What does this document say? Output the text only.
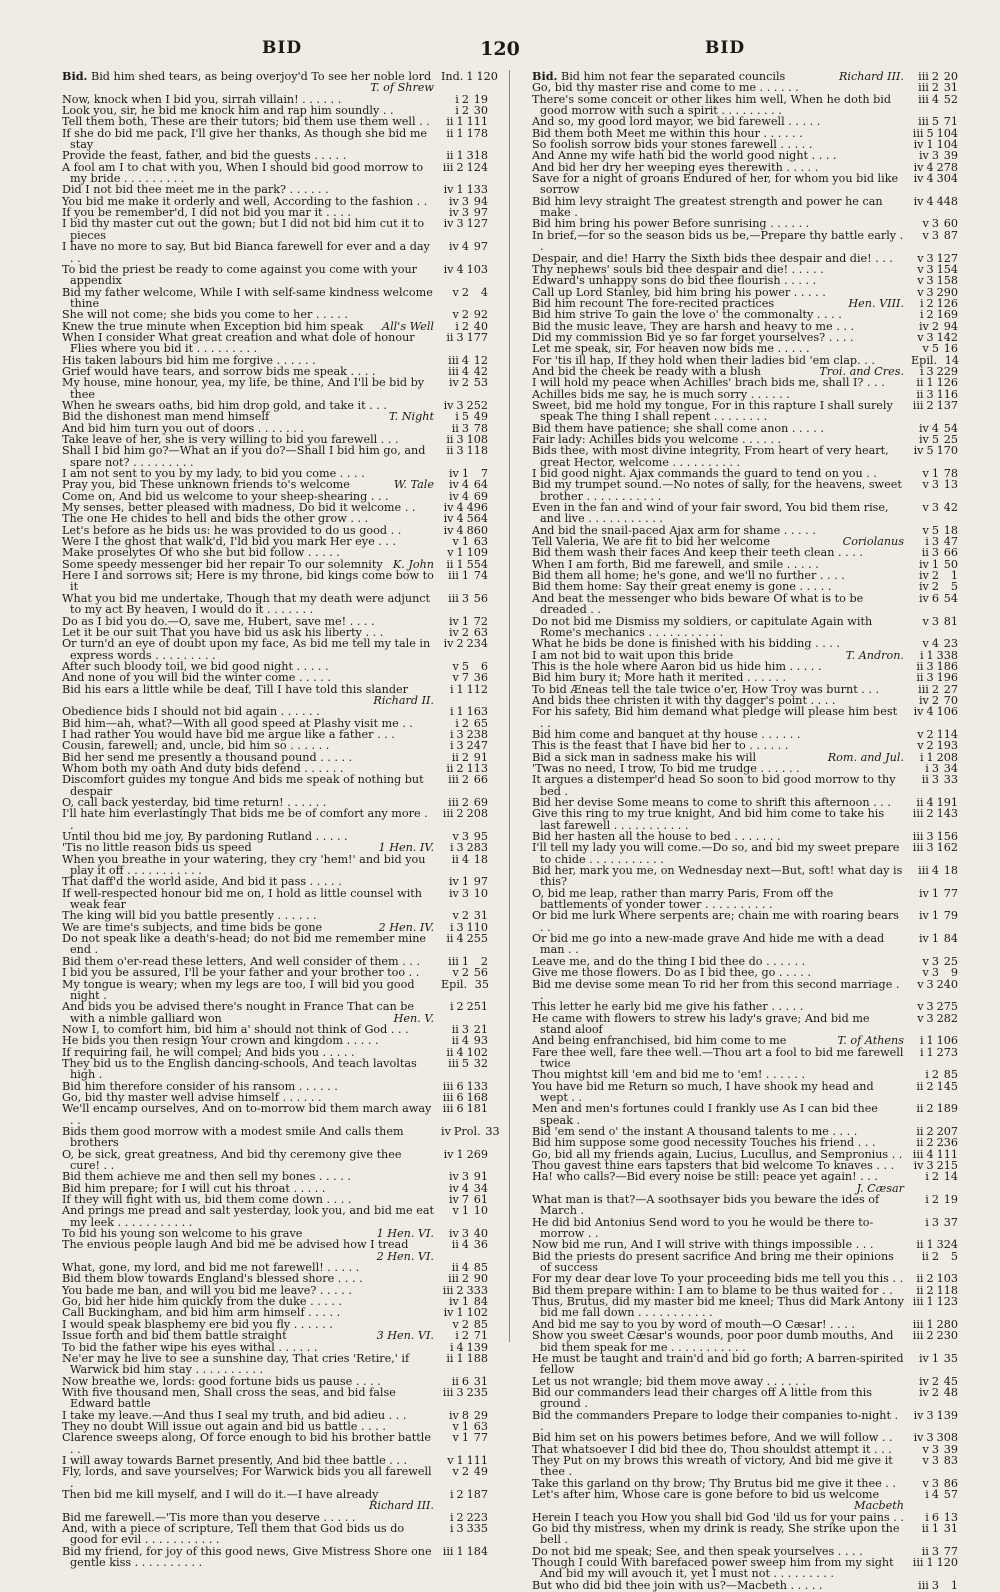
BID	120	BID
Bid. Bid him shed tears, as being overjoy'd To see her noble lord
T. of Shrew
Ind. 1 120
Now, knock when I bid you, sirrah villain! . . . . . .	i 2 19
Look you, sir, he bid me knock him and rap him soundly . .	i 2 30
Tell them both, These are their tutors; bid them use them well . .	ii 1 111
If she do bid me pack, I'll give her thanks, As though she bid me stay
ii 1 178
Provide the feast, father, and bid the guests . . . . .	ii 1 318
A fool am I to chat with you, When I should bid good morrow to my bride . . . . . . . . .
iii 2 124
Did I not bid thee meet me in the park? . . . . . .	iv 1 133
You bid me make it orderly and well, According to the fashion . .	iv 3 94
If you be remember'd, I did not bid you mar it . . . .	iv 3 97
I bid thy master cut out the gown; but I did not bid him cut it to pieces
iv 3 127
I have no more to say, But bid Bianca farewell for ever and a day . .
iv 4 97
To bid the priest be ready to come against you come with your appendix
iv 4 103
Bid my father welcome, While I with self-same kindness welcome thine
v 2 4
She will not come; she bids you come to her . . . . .	v 2 92
Knew the true minute when Exception bid him speak All's Well	i 2 40
When I consider What great creation and what dole of honour Flies where you bid it . . . . . . . . .
ii 3 177
His taken labours bid him me forgive . . . . . .	iii 4 12
Grief would have tears, and sorrow bids me speak . . . .	iii 4 42
My house, mine honour, yea, my life, be thine, And I'll be bid by thee
iv 2 53
When he swears oaths, bid him drop gold, and take it . . .	iv 3 252
Bid the dishonest man mend himself	T. Night	i 5 49
And bid him turn you out of doors . . . . . . .	ii 3 78
Take leave of her, she is very willing to bid you farewell . . .	ii 3 108
Shall I bid him go?—What an if you do?—Shall I bid him go, and spare not? . . . . . . . . .
ii 3 118
I am not sent to you by my lady, to bid you come . . . .	iv 1 7
Pray you, bid These unknown friends to's welcome	W. Tale	iv 4 64
Come on, And bid us welcome to your sheep-shearing . . .	iv 4 69
My senses, better pleased with madness, Do bid it welcome . .	iv 4 496
The one He chides to hell and bids the other grow . . .	iv 4 564
Let's before as he bids us: he was provided to do us good . .	iv 4 860
Were I the ghost that walk'd, I'ld bid you mark Her eye . . .	v 1 63
Make proselytes Of who she but bid follow . . . . .	v 1 109
Some speedy messenger bid her repair To our solemnity K. John	ii 1 554
Here I and sorrows sit; Here is my throne, bid kings come bow to it
iii 1 74
What you bid me undertake, Though that my death were adjunct to my act By heaven, I would do it . . . . . . .
iii 3 56
Do as I bid you do.—O, save me, Hubert, save me! . . . .	iv 1 72
Let it be our suit That you have bid us ask his liberty . . .	iv 2 63
Or turn'd an eye of doubt upon my face, As bid me tell my tale in express words . . . . . . . . .
iv 2 234
After such bloody toil, we bid good night . . . . .	v 5 6
And none of you will bid the winter come . . . . .	v 7 36
Bid his ears a little while be deaf, Till I have told this slander
Richard II.
i 1 112
Obedience bids I should not bid again . . . . . .	i 1 163
Bid him—ah, what?—With all good speed at Plashy visit me . .	i 2 65
I had rather You would have bid me argue like a father . . .	i 3 238
Cousin, farewell; and, uncle, bid him so . . . . . .	i 3 247
Bid her send me presently a thousand pound . . . . .	ii 2 91
Whom both my oath And duty bids defend . . . . . .	ii 2 113
Discomfort guides my tongue And bids me speak of nothing but despair
iii 2 66
O, call back yesterday, bid time return! . . . . . .	iii 2 69
I'll hate him everlastingly That bids me be of comfort any more . .
iii 2 208
Until thou bid me joy, By pardoning Rutland . . . . .	v 3 95
'Tis no little reason bids us speed	1 Hen. IV.	i 3 283
When you breathe in your watering, they cry 'hem!' and bid you play it off . . . . . . . . . . .
ii 4 18
That daff'd the world aside, And bid it pass . . . . .	iv 1 97
If well-respected honour bid me on, I hold as little counsel with weak fear
iv 3 10
The king will bid you battle presently . . . . . .	v 2 31
We are time's subjects, and time bids be gone	2 Hen. IV.	i 3 110
Do not speak like a death's-head; do not bid me remember mine end .
ii 4 255
Bid them o'er-read these letters, And well consider of them . . .	iii 1 2
I bid you be assured, I'll be your father and your brother too . .	v 2 56
My tongue is weary; when my legs are too, I will bid you good night .
Epil. 35
And bids you be advised there's nought in France That can be with a nimble galliard won	Hen. V.
i 2 251
Now I, to comfort him, bid him a' should not think of God . . .	ii 3 21
He bids you then resign Your crown and kingdom . . . . .	ii 4 93
If requiring fail, he will compel; And bids you . . . . .	ii 4 102
They bid us to the English dancing-schools, And teach lavoltas high .
iii 5 32
Bid him therefore consider of his ransom . . . . . .	iii 6 133
Go, bid thy master well advise himself . . . . . .	iii 6 168
We'll encamp ourselves, And on to-morrow bid them march away . .
iii 6 181
Bids them good morrow with a modest smile And calls them brothers
iv Prol. 33
O, be sick, great greatness, And bid thy ceremony give thee cure! . .
iv 1 269
Bid them achieve me and then sell my bones . . . . .	iv 3 91
Bid him prepare; for I will cut his throat . . . . .	iv 4 34
If they will fight with us, bid them come down . . . .	iv 7 61
And prings me pread and salt yesterday, look you, and bid me eat my leek . . . . . . . . . . .
v 1 10
To bid his young son welcome to his grave	1 Hen. VI.	iv 3 40
The envious people laugh And bid me be advised how I tread
2 Hen. VI.
ii 4 36
What, gone, my lord, and bid me not farewell! . . . . .	ii 4 85
Bid them blow towards England's blessed shore . . . .	iii 2 90
You bade me ban, and will you bid me leave? . . . . .	iii 2 333
Go, bid her hide him quickly from the duke . . . . .	iv 1 84
Call Buckingham, and bid him arm himself . . . . .	iv 1 102
I would speak blasphemy ere bid you fly . . . . . .	v 2 85
Issue forth and bid them battle straight	3 Hen. VI.	i 2 71
To bid the father wipe his eyes withal . . . . . .	i 4 139
Ne'er may he live to see a sunshine day, That cries 'Retire,' if Warwick bid him stay . . . . . . . . . .
ii 1 188
Now breathe we, lords: good fortune bids us pause . . . .	ii 6 31
With five thousand men, Shall cross the seas, and bid false Edward battle
iii 3 235
I take my leave.—And thus I seal my truth, and bid adieu . . .	iv 8 29
They no doubt Will issue out again and bid us battle . . . .	v 1 63
Clarence sweeps along, Of force enough to bid his brother battle . .
v 1 77
I will away towards Barnet presently, And bid thee battle . . .	v 1 111
Fly, lords, and save yourselves; For Warwick bids you all farewell .
v 2 49
Then bid me kill myself, and I will do it.—I have already
Richard III.
i 2 187
Bid me farewell.—'Tis more than you deserve . . . . .	i 2 223
And, with a piece of scripture, Tell them that God bids us do good for evil . . . . . . . . . . .
i 3 335
Bid my friend, for joy of this good news, Give Mistress Shore one gentle kiss . . . . . . . . . .
iii 1 184
Bid. Bid him not fear the separated councils	Richard III.	iii 2 20
Go, bid thy master rise and come to me . . . . . .	iii 2 31
There's some conceit or other likes him well, When he doth bid good morrow with such a spirit . . . . . . . . .
iii 4 52
And so, my good lord mayor, we bid farewell . . . . .	iii 5 71
Bid them both Meet me within this hour . . . . . .	iii 5 104
So foolish sorrow bids your stones farewell . . . . .	iv 1 104
And Anne my wife hath bid the world good night . . . .	iv 3 39
And bid her dry her weeping eyes therewith . . . . .	iv 4 278
Save for a night of groans Endured of her, for whom you bid like sorrow
iv 4 304
Bid him levy straight The greatest strength and power he can make .
iv 4 448
Bid him bring his power Before sunrising . . . . . .	v 3 60
In brief,—for so the season bids us be,—Prepare thy battle early . .
v 3 87
Despair, and die! Harry the Sixth bids thee despair and die! . . .	v 3 127
Thy nephews' souls bid thee despair and die! . . . . .	v 3 154
Edward's unhappy sons do bid thee flourish . . . . .	v 3 158
Call up Lord Stanley, bid him bring his power . . . . .	v 3 290
Bid him recount The fore-recited practices	Hen. VIII.	i 2 126
Bid him strive To gain the love o' the commonalty . . . .	i 2 169
Bid the music leave, They are harsh and heavy to me . . .	iv 2 94
Did my commission Bid ye so far forget yourselves? . . . .	v 3 142
Let me speak, sir, For heaven now bids me . . . . .	v 5 16
For 'tis ill hap, If they hold when their ladies bid 'em clap. . .	Epil. 14
And bid the cheek be ready with a blush	Troi. and Cres.	i 3 229
I will hold my peace when Achilles' brach bids me, shall I? . . .	ii 1 126
Achilles bids me say, he is much sorry . . . . . .	ii 3 116
Sweet, bid me hold my tongue, For in this rapture I shall surely speak The thing I shall repent . . . . . . . .
iii 2 137
Bid them have patience; she shall come anon . . . . .	iv 4 54
Fair lady: Achilles bids you welcome . . . . . .	iv 5 25
Bids thee, with most divine integrity, From heart of very heart, great Hector, welcome . . . . . . . . . .
iv 5 170
I bid good night. Ajax commands the guard to tend on you . .	v 1 78
Bid my trumpet sound.—No notes of sally, for the heavens, sweet brother . . . . . . . . . . .
v 3 13
Even in the fan and wind of your fair sword, You bid them rise, and live . . . . . . . . . . .
v 3 42
And bid the snail-paced Ajax arm for shame . . . . .	v 5 18
Tell Valeria, We are fit to bid her welcome	Coriolanus	i 3 47
Bid them wash their faces And keep their teeth clean . . . .	ii 3 66
When I am forth, Bid me farewell, and smile . . . . .	iv 1 50
Bid them all home; he's gone, and we'll no further . . . .	iv 2 1
Bid them home: Say their great enemy is gone . . . . .	iv 2 5
And beat the messenger who bids beware Of what is to be dreaded . .
iv 6 54
Do not bid me Dismiss my soldiers, or capitulate Again with Rome's mechanics . . . . . . . . . . .
v 3 81
What he bids be done is finished with his bidding . . . .	v 4 23
I am not bid to wait upon this bride	T. Andron.	i 1 338
This is the hole where Aaron bid us hide him . . . . .	ii 3 186
Bid him bury it; More hath it merited . . . . . .	ii 3 196
To bid Æneas tell the tale twice o'er, How Troy was burnt . . .	iii 2 27
And bids thee christen it with thy dagger's point . . . .	iv 2 70
For his safety, Bid him demand what pledge will please him best . .
iv 4 106
Bid him come and banquet at thy house . . . . . .	v 2 114
This is the feast that I have bid her to . . . . . .	v 2 193
Bid a sick man in sadness make his will	Rom. and Jul.	i 1 208
'Twas no need, I trow, To bid me trudge . . . . . .	i 3 34
It argues a distemper'd head So soon to bid good morrow to thy bed .
ii 3 33
Bid her devise Some means to come to shrift this afternoon . . .	ii 4 191
Give this ring to my true knight, And bid him come to take his last farewell . . . . . . . . . . .
iii 2 143
Bid her hasten all the house to bed . . . . . . .	iii 3 156
I'll tell my lady you will come.—Do so, and bid my sweet prepare to chide . . . . . . . . . . .
iii 3 162
Bid her, mark you me, on Wednesday next—But, soft! what day is this?
iii 4 18
O, bid me leap, rather than marry Paris, From off the battlements of yonder tower . . . . . . . . . .
iv 1 77
Or bid me lurk Where serpents are; chain me with roaring bears . .
iv 1 79
Or bid me go into a new-made grave And hide me with a dead man . .
iv 1 84
Leave me, and do the thing I bid thee do . . . . . .	v 3 25
Give me those flowers. Do as I bid thee, go . . . . .	v 3 9
Bid me devise some mean To rid her from this second marriage . .
v 3 240
This letter he early bid me give his father . . . . .	v 3 275
He came with flowers to strew his lady's grave; And bid me stand aloof
v 3 282
And being enfranchised, bid him come to me	T. of Athens	i 1 106
Fare thee well, fare thee well.—Thou art a fool to bid me farewell twice
i 1 273
Thou mightst kill 'em and bid me to 'em! . . . . . .	i 2 85
You have bid me Return so much, I have shook my head and wept . .
ii 2 145
Men and men's fortunes could I frankly use As I can bid thee speak .
ii 2 189
Bid 'em send o' the instant A thousand talents to me . . . .	ii 2 207
Bid him suppose some good necessity Touches his friend . . .	ii 2 236
Go, bid all my friends again, Lucius, Lucullus, and Sempronius . . iii 4 111
Thou gavest thine ears tapsters that bid welcome To knaves . . .	iv 3 215
Ha! who calls?—Bid every noise be still: peace yet again! . . .
J. Cæsar
i 2 14
What man is that?—A soothsayer bids you beware the ides of March .
i 2 19
He did bid Antonius Send word to you he would be there to-morrow . .
i 3 37
Now bid me run, And I will strive with things impossible . . .	ii 1 324
Bid the priests do present sacrifice And bring me their opinions of success
ii 2 5
For my dear dear love To your proceeding bids me tell you this . .	ii 2 103
Bid them prepare within: I am to blame to be thus waited for . .	ii 2 118
Thus, Brutus, did my master bid me kneel; Thus did Mark Antony bid me fall down . . . . . . . . . . .
iii 1 123
And bid me say to you by word of mouth—O Cæsar! . . . .	iii 1 280
Show you sweet Cæsar's wounds, poor poor dumb mouths, And bid them speak for me . . . . . . . . . . .
iii 2 230
He must be taught and train'd and bid go forth; A barren-spirited fellow
iv 1 35
Let us not wrangle; bid them move away . . . . . .	iv 2 45
Bid our commanders lead their charges off A little from this ground .
iv 2 48
Bid the commanders Prepare to lodge their companies to-night . .
iv 3 139
Bid him set on his powers betimes before, And we will follow . .	iv 3 308
That whatsoever I did bid thee do, Thou shouldst attempt it . . .	v 3 39
They Put on my brows this wreath of victory, And bid me give it thee .
v 3 83
Take this garland on thy brow; Thy Brutus bid me give it thee . .	v 3 86
Let's after him, Whose care is gone before to bid us welcome
Macbeth
i 4 57
Herein I teach you How you shall bid God 'ild us for your pains . .	i 6 13
Go bid thy mistress, when my drink is ready, She strike upon the bell .
ii 1 31
Do not bid me speak; See, and then speak yourselves . . . .	ii 3 77
Though I could With barefaced power sweep him from my sight And bid my will avouch it, yet I must not . . . . . . . . .
iii 1 120
But who did bid thee join with us?—Macbeth . . . . .	iii 3 1
